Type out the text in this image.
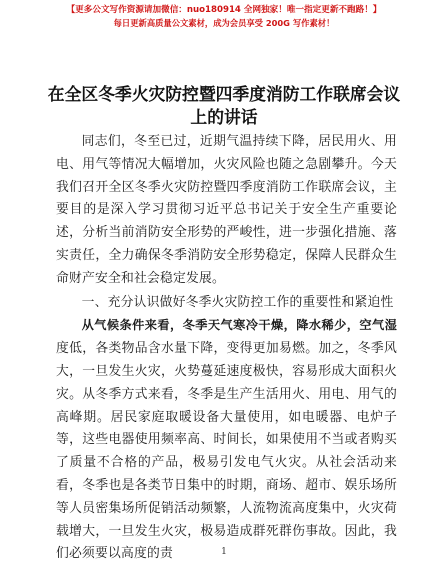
【更多公文写作资源请加微信：nuo180914 全网独家！唯一指定更新不跑路！】
每日更新高质量公文素材，成为会员享受 200G 写作素材！
在全区冬季火灾防控暨四季度消防工作联席会议上的讲话

同志们，冬至已过，近期气温持续下降，居民用火、用电、用气等情况大幅增加，火灾风险也随之急剧攀升。今天我们召开全区冬季火灾防控暨四季度消防工作联席会议，主要目的是深入学习贯彻习近平总书记关于安全生产重要论述，分析当前消防安全形势的严峻性，进一步强化措施、落实责任，全力确保冬季消防安全形势稳定，保障人民群众生命财产安全和社会稳定发展。

一、充分认识做好冬季火灾防控工作的重要性和紧迫性

从气候条件来看，冬季天气寒冷干燥，降水稀少，空气湿度低，各类物品含水量下降，变得更加易燃。加之，冬季风大，一旦发生火灾，火势蔓延速度极快，容易形成大面积火灾。从冬季方式来看，冬季是生产生活用火、用电、用气的高峰期。居民家庭取暖设备大量使用，如电暖器、电炉子等，这些电器使用频率高、时间长，如果使用不当或者购买了质量不合格的产品，极易引发电气火灾。从社会活动来看，冬季也是各类节日集中的时期，商场、超市、娱乐场所等人员密集场所促销活动频繁，人流物流高度集中，火灾荷载增大，一旦发生火灾，极易造成群死群伤事故。因此，我们必须要以高度的责	1
